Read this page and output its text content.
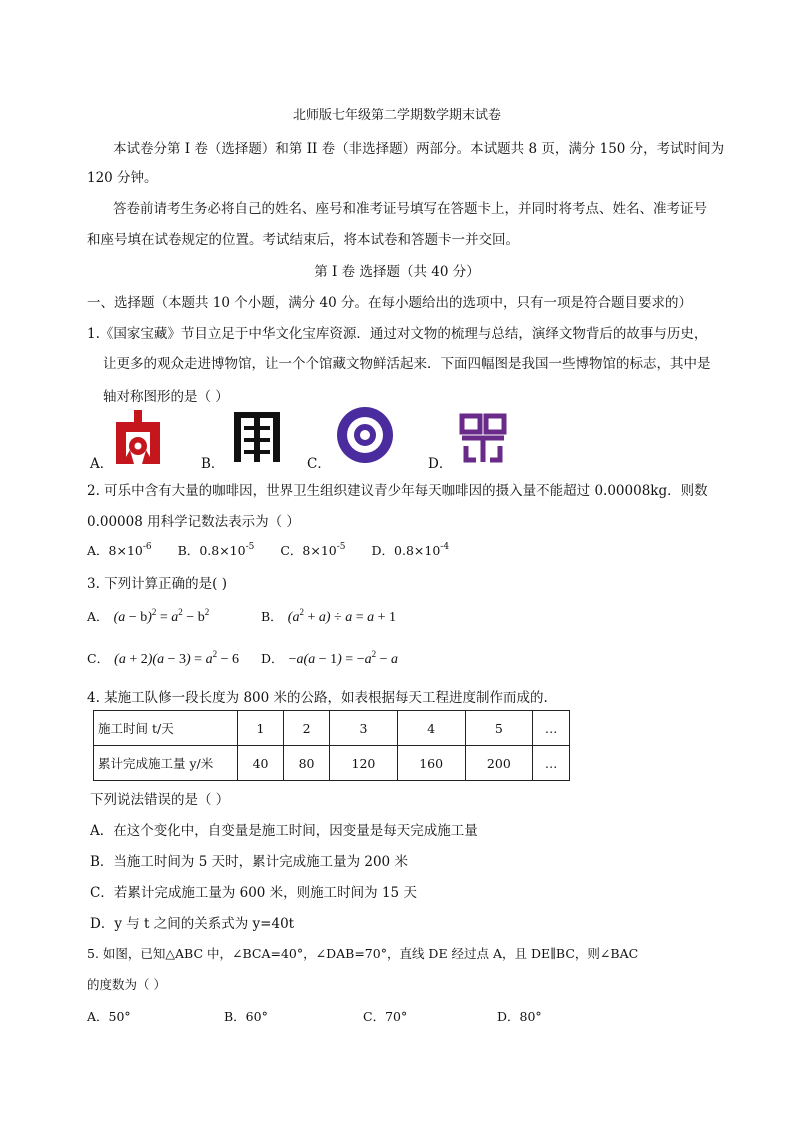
北师版七年级第二学期数学期末试卷
本试卷分第 I 卷（选择题）和第 II 卷（非选择题）两部分。本试题共 8 页，满分 150 分，考试时间为
120 分钟。
答卷前请考生务必将自己的姓名、座号和准考证号填写在答题卡上，并同时将考点、姓名、准考证号
和座号填在试卷规定的位置。考试结束后，将本试卷和答题卡一并交回。
第 I 卷 选择题（共 40 分）
一、选择题（本题共 10 个小题，满分 40 分。在每小题给出的选项中，只有一项是符合题目要求的）
1.《国家宝藏》节目立足于中华文化宝库资源．通过对文物的梳理与总结，演绎文物背后的故事与历史，
让更多的观众走进博物馆，让一个个馆藏文物鲜活起来．下面四幅图是我国一些博物馆的标志，其中是
轴对称图形的是（ ）
A．	B．	C．	D．
2. 可乐中含有大量的咖啡因，世界卫生组织建议青少年每天咖啡因的摄入量不能超过 0.00008kg．则数
0.00008 用科学记数法表示为（ ）
A．$8\times 10^{-6}$ B．$0.8\times 10^{-5}$ C．$8\times 10^{-5}$ D．$0.8\times 10^{-4}$
3. 下列计算正确的是( )
A． $(a - b)^2 = a^2 - b^2$	B． $(a^2 + a) \div a = a + 1$
C． $(a + 2)(a - 3) = a^2 - 6$ D． $-a(a - 1) = -a^2 - a$
4. 某施工队修一段长度为 800 米的公路，如表根据每天工程进度制作而成的.
施工时间 t/天	1	2	3	4	5	…
累计完成施工量 y/米	40	80	120	160	200	…
下列说法错误的是（ ）
A．在这个变化中，自变量是施工时间，因变量是每天完成施工量
B．当施工时间为 5 天时，累计完成施工量为 200 米
C．若累计完成施工量为 600 米，则施工时间为 15 天
D．y 与 t 之间的关系式为 y=40t
5. 如图，已知△ABC 中，∠BCA=40°，∠DAB=70°，直线 DE 经过点 A，且 DE∥BC，则∠BAC
的度数为（ ）
A．50°	B．60°	C．70°	D．80°
